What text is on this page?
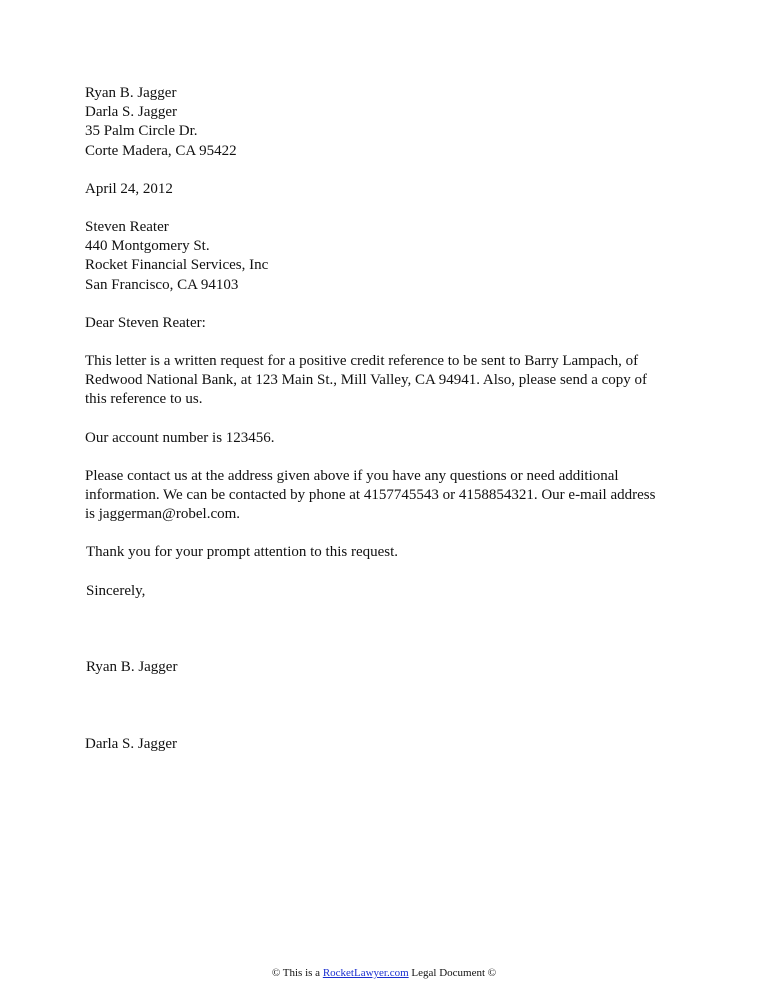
Ryan B. Jagger
Darla S. Jagger
35 Palm Circle Dr.
Corte Madera, CA 95422
April 24, 2012
Steven Reater
440 Montgomery St.
Rocket Financial Services, Inc
San Francisco, CA 94103
Dear Steven Reater:
This letter is a written request for a positive credit reference to be sent to Barry Lampach, of
Redwood National Bank, at 123 Main St., Mill Valley, CA 94941. Also, please send a copy of
this reference to us.
Our account number is 123456.
Please contact us at the address given above if you have any questions or need additional
information. We can be contacted by phone at 4157745543 or 4158854321. Our e-mail address
is jaggerman@robel.com.
Thank you for your prompt attention to this request.
Sincerely,
Ryan B. Jagger
Darla S. Jagger
© This is a RocketLawyer.com Legal Document ©
